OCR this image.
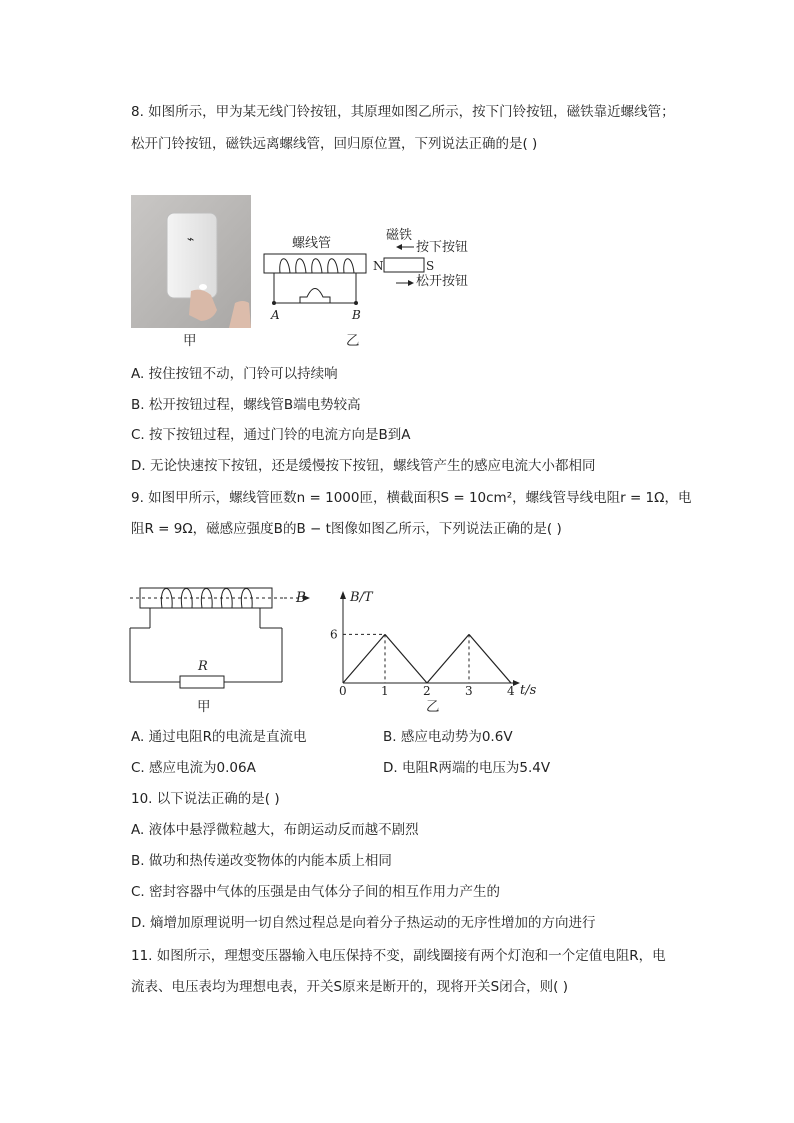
8. 如图所示，甲为某无线门铃按钮，其原理如图乙所示，按下门铃按钮，磁铁靠近螺线管；
松开门铃按钮，磁铁远离螺线管，回归原位置，下列说法正确的是( )
⌁
甲
螺线管
A	B
磁铁
N	S
按下按钮
松开按钮
乙
A. 按住按钮不动，门铃可以持续响
B. 松开按钮过程，螺线管B端电势较高
C. 按下按钮过程，通过门铃的电流方向是B到A
D. 无论快速按下按钮，还是缓慢按下按钮，螺线管产生的感应电流大小都相同
9. 如图甲所示，螺线管匝数n = 1000匝，横截面积S = 10cm²，螺线管导线电阻r = 1Ω，电
阻R = 9Ω，磁感应强度B的B − t图像如图乙所示，下列说法正确的是( )
R
B
甲
B/T
t/s
0	1	2	3	4
6
乙
A. 通过电阻R的电流是直流电	B. 感应电动势为0.6V
C. 感应电流为0.06A	D. 电阻R两端的电压为5.4V
10. 以下说法正确的是( )
A. 液体中悬浮微粒越大，布朗运动反而越不剧烈
B. 做功和热传递改变物体的内能本质上相同
C. 密封容器中气体的压强是由气体分子间的相互作用力产生的
D. 熵增加原理说明一切自然过程总是向着分子热运动的无序性增加的方向进行
11. 如图所示，理想变压器输入电压保持不变，副线圈接有两个灯泡和一个定值电阻R，电
流表、电压表均为理想电表，开关S原来是断开的，现将开关S闭合，则( )
